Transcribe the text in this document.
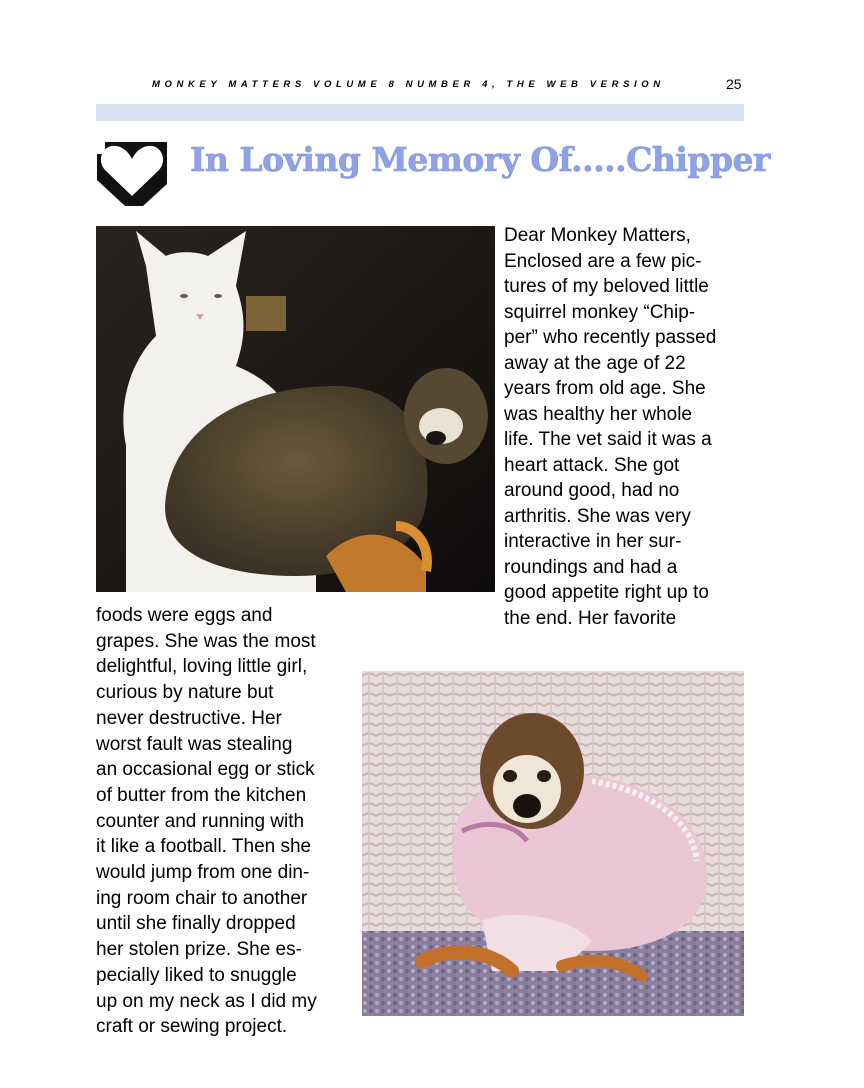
MONKEY MATTERS VOLUME 8 NUMBER 4, THE WEB VERSION	25
In Loving Memory Of.....Chipper
Dear Monkey Matters,
Enclosed are a few pic-
tures of my beloved little
squirrel monkey “Chip-
per” who recently passed
away at the age of 22
years from old age. She
was healthy her whole
life. The vet said it was a
heart attack. She got
around good, had no
arthritis. She was very
interactive in her sur-
roundings and had a
good appetite right up to
the end. Her favorite
foods were eggs and
grapes. She was the most
delightful, loving little girl,
curious by nature but
never destructive. Her
worst fault was stealing
an occasional egg or stick
of butter from the kitchen
counter and running with
it like a football. Then she
would jump from one din-
ing room chair to another
until she finally dropped
her stolen prize. She es-
pecially liked to snuggle
up on my neck as I did my
craft or sewing project.
